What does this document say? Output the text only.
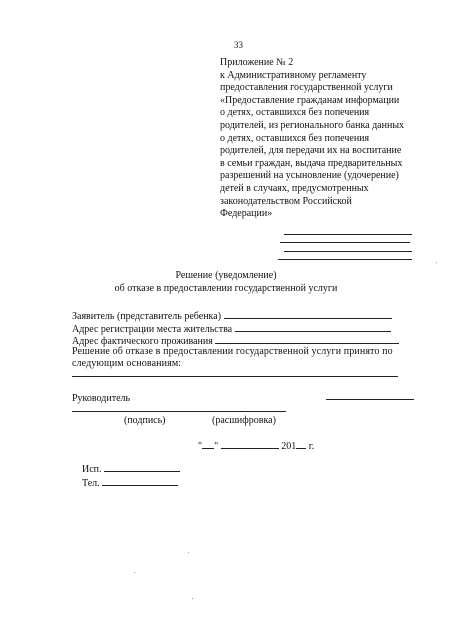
33
Приложение № 2
к Административному регламенту
предоставления государственной услуги
«Предоставление гражданам информации
о детях, оставшихся без попечения
родителей, из регионального банка данных
о детях, оставшихся без попечения
родителей, для передачи их на воспитание
в семьи граждан, выдача предварительных
разрешений на усыновление (удочерение)
детей в случаях, предусмотренных
законодательством Российской
Федерации»
Решение (уведомление)
об отказе в предоставлении государственной услуги
Заявитель (представитель ребенка)
Адрес регистрации места жительства
Адрес фактического проживания
Решение об отказе в предоставлении государственной услуги принято по
следующим основаниям:
Руководитель
(подпись)	(расшифровка)
" "	201 г.
Исп.
Тел.
